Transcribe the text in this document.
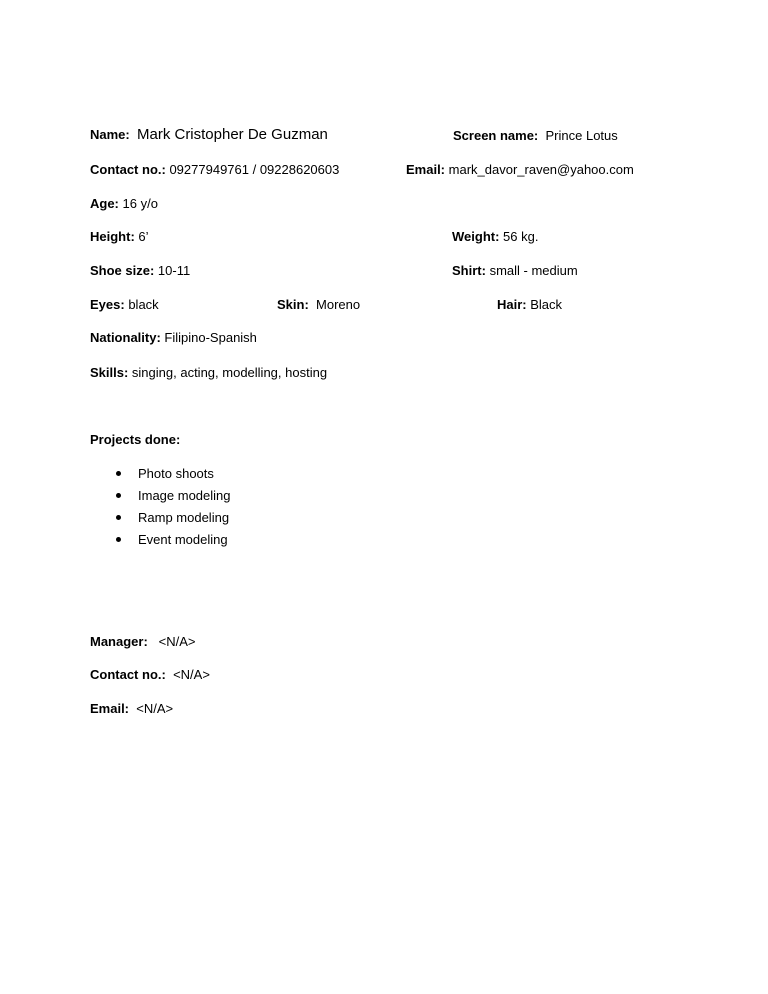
Name: Mark Cristopher De Guzman	Screen name: Prince Lotus
Contact no.: 09277949761 / 09228620603	Email: mark_davor_raven@yahoo.com
Age: 16 y/o
Height: 6’	Weight: 56 kg.
Shoe size: 10-11	Shirt: small - medium
Eyes: black	Skin: Moreno	Hair: Black
Nationality: Filipino-Spanish
Skills: singing, acting, modelling, hosting
Projects done:
Photo shoots
Image modeling
Ramp modeling
Event modeling
Manager: <N/A>
Contact no.: <N/A>
Email: <N/A>
